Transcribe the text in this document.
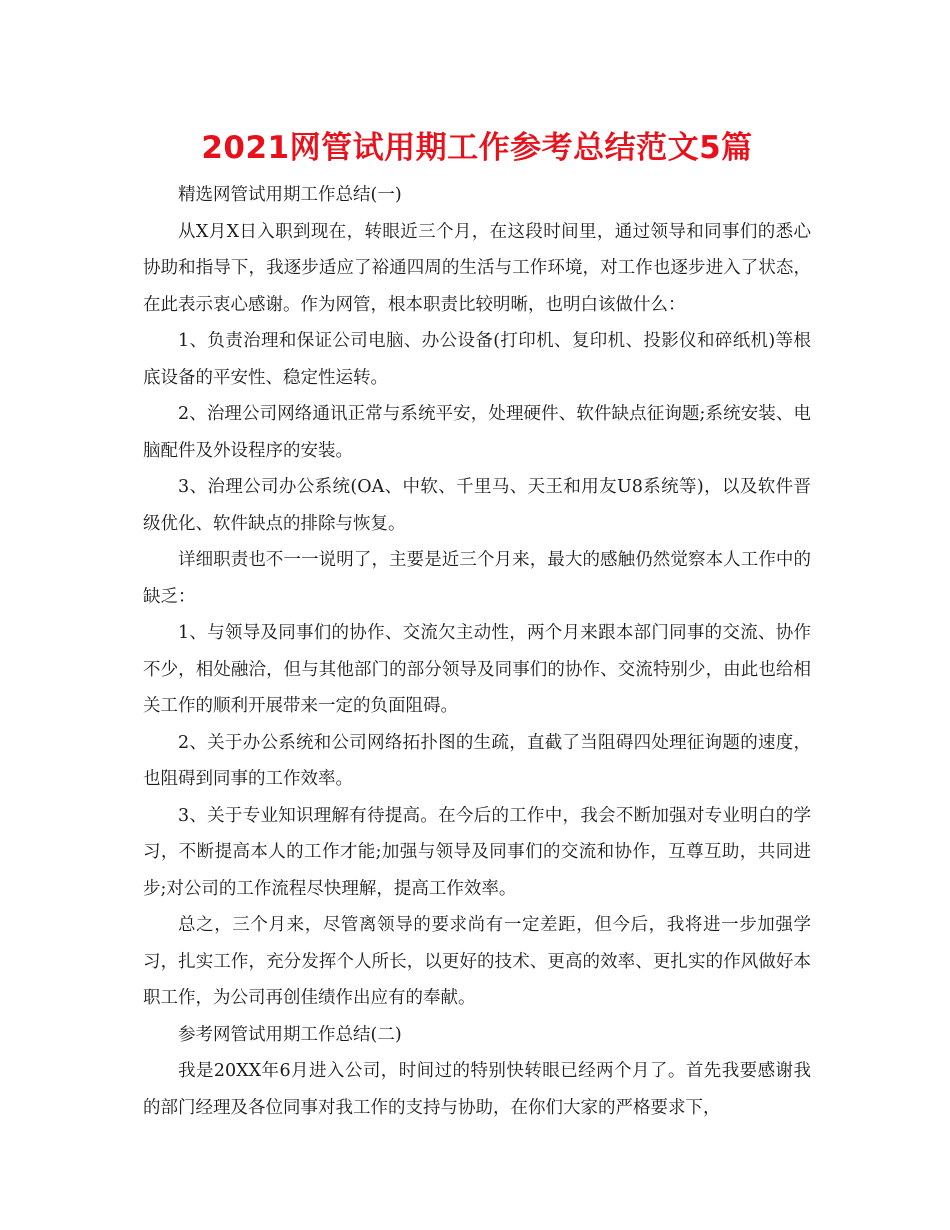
2021网管试用期工作参考总结范文5篇

精选网管试用期工作总结(一)

从X月X日入职到现在，转眼近三个月，在这段时间里，通过领导和同事们的悉心协助和指导下，我逐步适应了裕通四周的生活与工作环境，对工作也逐步进入了状态，在此表示衷心感谢。作为网管，根本职责比较明晰，也明白该做什么：

1、负责治理和保证公司电脑、办公设备(打印机、复印机、投影仪和碎纸机)等根底设备的平安性、稳定性运转。

2、治理公司网络通讯正常与系统平安，处理硬件、软件缺点征询题;系统安装、电脑配件及外设程序的安装。

3、治理公司办公系统(OA、中软、千里马、天王和用友U8系统等)，以及软件晋级优化、软件缺点的排除与恢复。

详细职责也不一一说明了，主要是近三个月来，最大的感触仍然觉察本人工作中的缺乏：

1、与领导及同事们的协作、交流欠主动性，两个月来跟本部门同事的交流、协作不少，相处融洽，但与其他部门的部分领导及同事们的协作、交流特别少，由此也给相关工作的顺利开展带来一定的负面阻碍。

2、关于办公系统和公司网络拓扑图的生疏，直截了当阻碍四处理征询题的速度，也阻碍到同事的工作效率。

3、关于专业知识理解有待提高。在今后的工作中，我会不断加强对专业明白的学习，不断提高本人的工作才能;加强与领导及同事们的交流和协作，互尊互助，共同进步;对公司的工作流程尽快理解，提高工作效率。

总之，三个月来，尽管离领导的要求尚有一定差距，但今后，我将进一步加强学习，扎实工作，充分发挥个人所长，以更好的技术、更高的效率、更扎实的作风做好本职工作，为公司再创佳绩作出应有的奉献。

参考网管试用期工作总结(二)

我是20XX年6月进入公司，时间过的特别快转眼已经两个月了。首先我要感谢我的部门经理及各位同事对我工作的支持与协助，在你们大家的严格要求下，
